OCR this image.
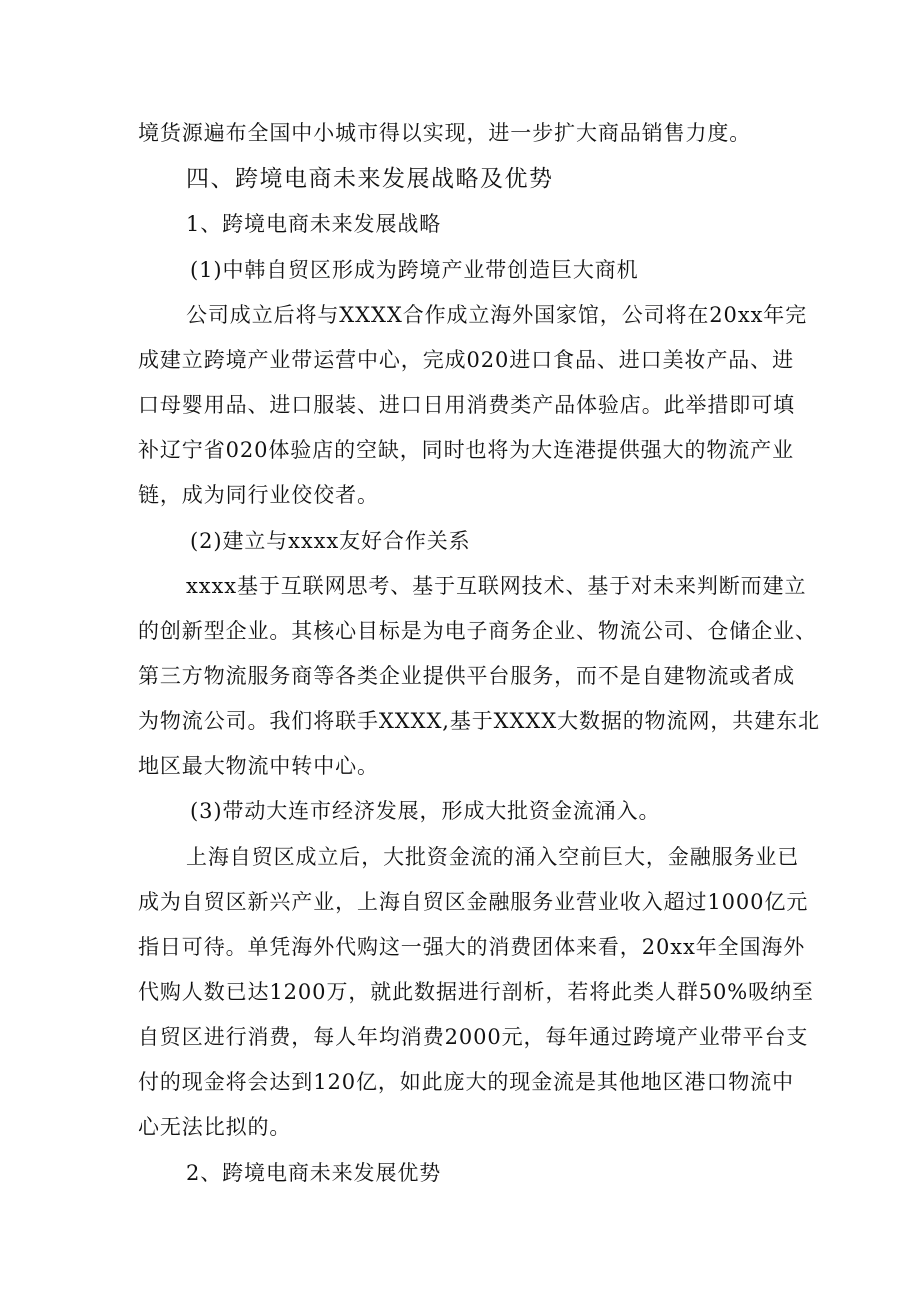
境货源遍布全国中小城市得以实现，进一步扩大商品销售力度。
四、跨境电商未来发展战略及优势
1、跨境电商未来发展战略
(1)中韩自贸区形成为跨境产业带创造巨大商机
公司成立后将与XXXX合作成立海外国家馆，公司将在20xx年完
成建立跨境产业带运营中心，完成020进口食品、进口美妆产品、进
口母婴用品、进口服装、进口日用消费类产品体验店。此举措即可填
补辽宁省020体验店的空缺，同时也将为大连港提供强大的物流产业
链，成为同行业佼佼者。
(2)建立与xxxx友好合作关系
xxxx基于互联网思考、基于互联网技术、基于对未来判断而建立
的创新型企业。其核心目标是为电子商务企业、物流公司、仓储企业、
第三方物流服务商等各类企业提供平台服务，而不是自建物流或者成
为物流公司。我们将联手XXXX,基于XXXX大数据的物流网，共建东北
地区最大物流中转中心。
(3)带动大连市经济发展，形成大批资金流涌入。
上海自贸区成立后，大批资金流的涌入空前巨大，金融服务业已
成为自贸区新兴产业，上海自贸区金融服务业营业收入超过1000亿元
指日可待。单凭海外代购这一强大的消费团体来看，20xx年全国海外
代购人数已达1200万，就此数据进行剖析，若将此类人群50%吸纳至
自贸区进行消费，每人年均消费2000元，每年通过跨境产业带平台支
付的现金将会达到120亿，如此庞大的现金流是其他地区港口物流中
心无法比拟的。
2、跨境电商未来发展优势
